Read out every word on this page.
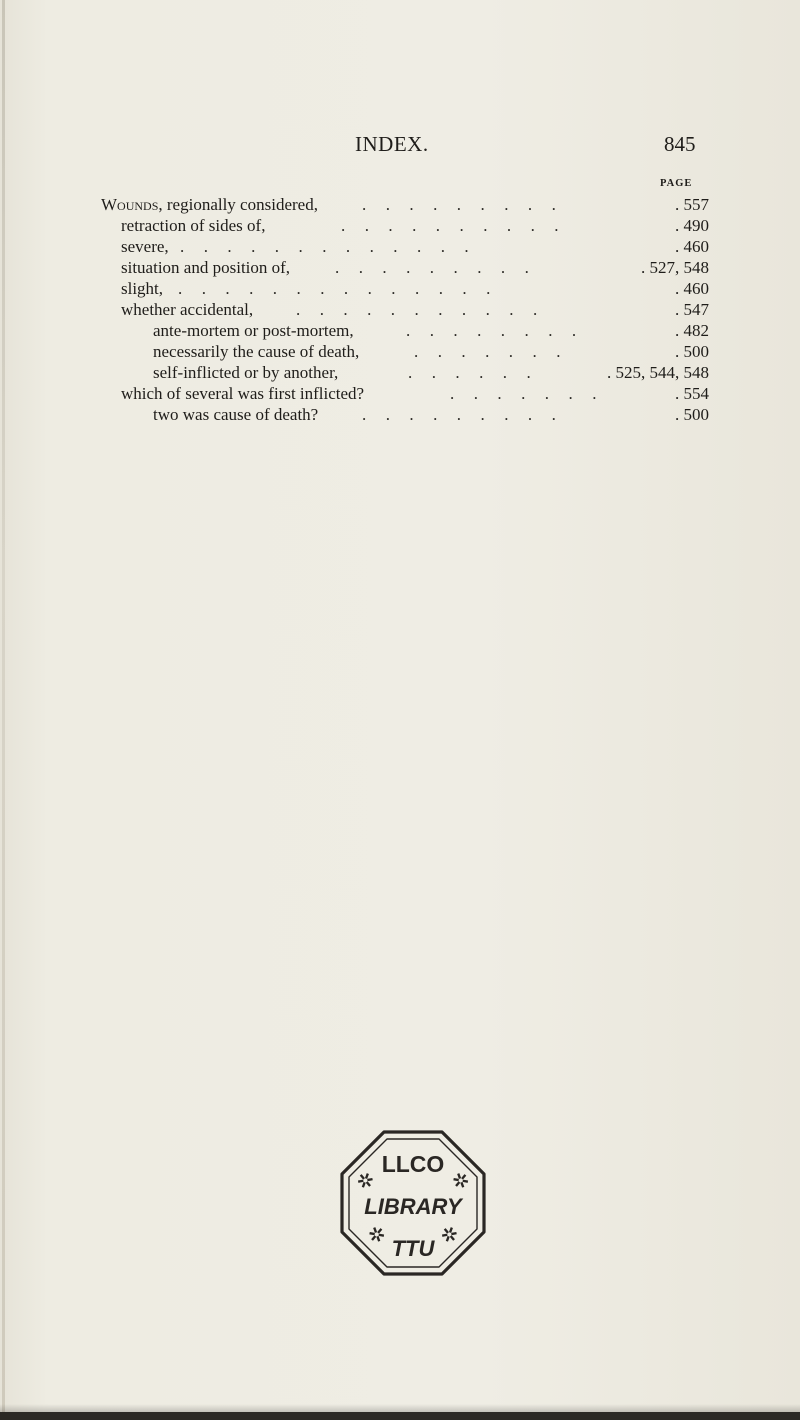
INDEX.	845
PAGE
Wounds, regionally considered,	. . . . . . . . .	. 557
retraction of sides of,	. . . . . . . . . .	. 490
severe, . . . . . . . . . . . . .	. 460
situation and position of,	. . . . . . . . .	. 527, 548
slight, . . . . . . . . . . . . . .	. 460
whether accidental,	. . . . . . . . . . .	. 547
ante-mortem or post-mortem,	. . . . . . . .	. 482
necessarily the cause of death,	. . . . . . .	. 500
self-inflicted or by another,	. . . . . .	. 525, 544, 548
which of several was first inflicted?	. . . . . . .	. 554
two was cause of death?	. . . . . . . . .	. 500
LLCO
LIBRARY
TTU
✲	✲
✲ ✲
